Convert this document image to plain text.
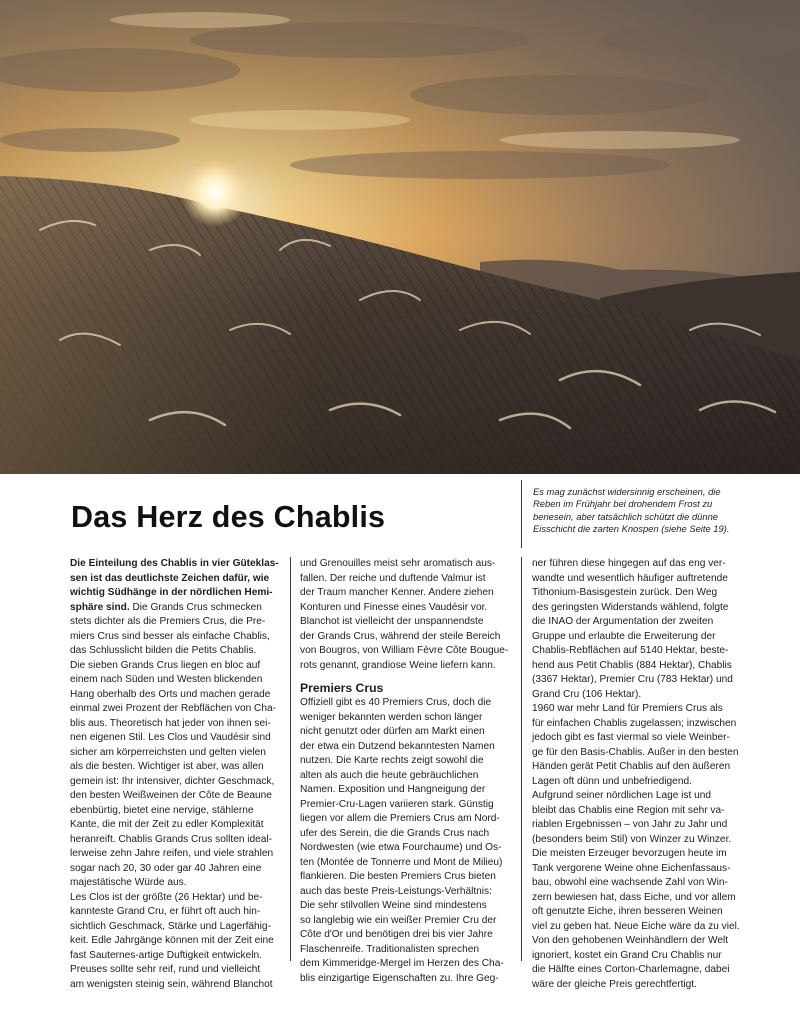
Es mag zunächst widersinnig erscheinen, die
Reben im Frühjahr bei drohendem Frost zu
beriesein, aber tatsächlich schützt die dünne
Eisschicht die zarten Knospen (siehe Seite 19).

Das Herz des Chablis
Die Einteilung des Chablis in vier Güteklas-
sen ist das deutlichste Zeichen dafür, wie
wichtig Südhänge in der nördlichen Hemi-
sphäre sind. Die Grands Crus schmecken
stets dichter als die Premiers Crus, die Pre-
miers Crus sind besser als einfache Chablis,
das Schlusslicht bilden die Petits Chablis.
Die sieben Grands Crus liegen en bloc auf
einem nach Süden und Westen blickenden
Hang oberhalb des Orts und machen gerade
einmal zwei Prozent der Rebflächen von Cha-
blis aus. Theoretisch hat jeder von ihnen sei-
nen eigenen Stil. Les Clos und Vaudésir sind
sicher am körperreichsten und gelten vielen
als die besten. Wichtiger ist aber, was allen
gemein ist: Ihr intensiver, dichter Geschmack,
den besten Weißweinen der Côte de Beaune
ebenbürtig, bietet eine nervige, stählerne
Kante, die mit der Zeit zu edler Komplexität
heranreift. Chablis Grands Crus sollten ideal-
lerweise zehn Jahre reifen, und viele strahlen
sogar nach 20, 30 oder gar 40 Jahren eine
majestätische Würde aus.
Les Clos ist der größte (26 Hektar) und be-
kannteste Grand Cru, er führt oft auch hin-
sichtlich Geschmack, Stärke und Lagerfähig-
keit. Edle Jahrgänge können mit der Zeit eine
fast Sauternes-artige Duftigkeit entwickeln.
Preuses sollte sehr reif, rund und vielleicht
am wenigsten steinig sein, während Blanchot
und Grenouilles meist sehr aromatisch aus-
fallen. Der reiche und duftende Valmur ist
der Traum mancher Kenner. Andere ziehen
Konturen und Finesse eines Vaudésir vor.
Blanchot ist vielleicht der unspannendste
der Grands Crus, während der steile Bereich
von Bougros, von William Fèvre Côte Bougue-
rots genannt, grandiose Weine liefern kann.
Premiers Crus
Offiziell gibt es 40 Premiers Crus, doch die
weniger bekannten werden schon länger
nicht genutzt oder dürfen am Markt einen
der etwa ein Dutzend bekanntesten Namen
nutzen. Die Karte rechts zeigt sowohl die
alten als auch die heute gebräuchlichen
Namen. Exposition und Hangneigung der
Premier-Cru-Lagen variieren stark. Günstig
liegen vor allem die Premiers Crus am Nord-
ufer des Serein, die die Grands Crus nach
Nordwesten (wie etwa Fourchaume) und Os-
ten (Montée de Tonnerre und Mont de Milieu)
flankieren. Die besten Premiers Crus bieten
auch das beste Preis-Leistungs-Verhältnis:
Die sehr stilvollen Weine sind mindestens
so langlebig wie ein weißer Premier Cru der
Côte d'Or und benötigen drei bis vier Jahre
Flaschenreife. Traditionalisten sprechen
dem Kimmeridge-Mergel im Herzen des Cha-
blis einzigartige Eigenschaften zu. Ihre Geg-
ner führen diese hingegen auf das eng ver-
wandte und wesentlich häufiger auftretende
Tithonium-Basisgestein zurück. Den Weg
des geringsten Widerstands wählend, folgte
die INAO der Argumentation der zweiten
Gruppe und erlaubte die Erweiterung der
Chablis-Rebflächen auf 5140 Hektar, beste-
hend aus Petit Chablis (884 Hektar), Chablis
(3367 Hektar), Premier Cru (783 Hektar) und
Grand Cru (106 Hektar).
1960 war mehr Land für Premiers Crus als
für einfachen Chablis zugelassen; inzwischen
jedoch gibt es fast viermal so viele Weinber-
ge für den Basis-Chablis. Außer in den besten
Händen gerät Petit Chablis auf den äußeren
Lagen oft dünn und unbefriedigend.
Aufgrund seiner nördlichen Lage ist und
bleibt das Chablis eine Region mit sehr va-
riablen Ergebnissen – von Jahr zu Jahr und
(besonders beim Stil) von Winzer zu Winzer.
Die meisten Erzeuger bevorzugen heute im
Tank vergorene Weine ohne Eichenfassaus-
bau, obwohl eine wachsende Zahl von Win-
zern bewiesen hat, dass Eiche, und vor allem
oft genutzte Eiche, ihren besseren Weinen
viel zu geben hat. Neue Eiche wäre da zu viel.
Von den gehobenen Weinhändlern der Welt
ignoriert, kostet ein Grand Cru Chablis nur
die Hälfte eines Corton-Charlemagne, dabei
wäre der gleiche Preis gerechtfertigt.
